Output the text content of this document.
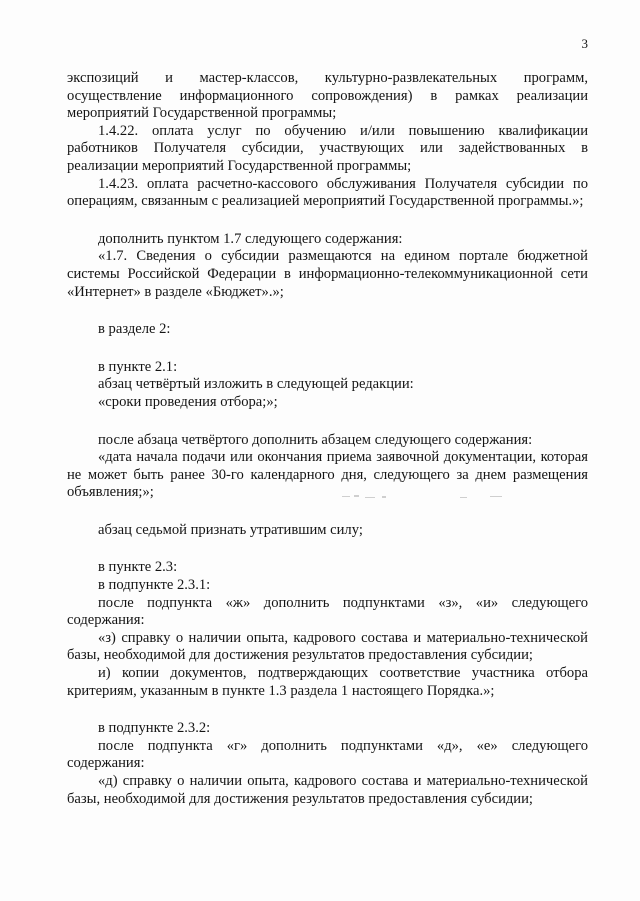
3

экспозиций и мастер-классов, культурно-развлекательных программ, осуществление информационного сопровождения) в рамках реализации мероприятий Государственной программы;

1.4.22. оплата услуг по обучению и/или повышению квалификации работников Получателя субсидии, участвующих или задействованных в реализации мероприятий Государственной программы;

1.4.23. оплата расчетно-кассового обслуживания Получателя субсидии по операциям, связанным с реализацией мероприятий Государственной программы.»;

дополнить пунктом 1.7 следующего содержания:

«1.7. Сведения о субсидии размещаются на едином портале бюджетной системы Российской Федерации в информационно-телекоммуникационной сети «Интернет» в разделе «Бюджет».»;

в разделе 2:

в пункте 2.1:

абзац четвёртый изложить в следующей редакции:

«сроки проведения отбора;»;

после абзаца четвёртого дополнить абзацем следующего содержания:

«дата начала подачи или окончания приема заявочной документации, которая не может быть ранее 30-го календарного дня, следующего за днем размещения объявления;»;

абзац седьмой признать утратившим силу;

в пункте 2.3:

в подпункте 2.3.1:

после подпункта «ж» дополнить подпунктами «з», «и» следующего содержания:

«з) справку о наличии опыта, кадрового состава и материально-технической базы, необходимой для достижения результатов предоставления субсидии;

и) копии документов, подтверждающих соответствие участника отбора критериям, указанным в пункте 1.3 раздела 1 настоящего Порядка.»;

в подпункте 2.3.2:

после подпункта «г» дополнить подпунктами «д», «е» следующего содержания:

«д) справку о наличии опыта, кадрового состава и материально-технической базы, необходимой для достижения результатов предоставления субсидии;
